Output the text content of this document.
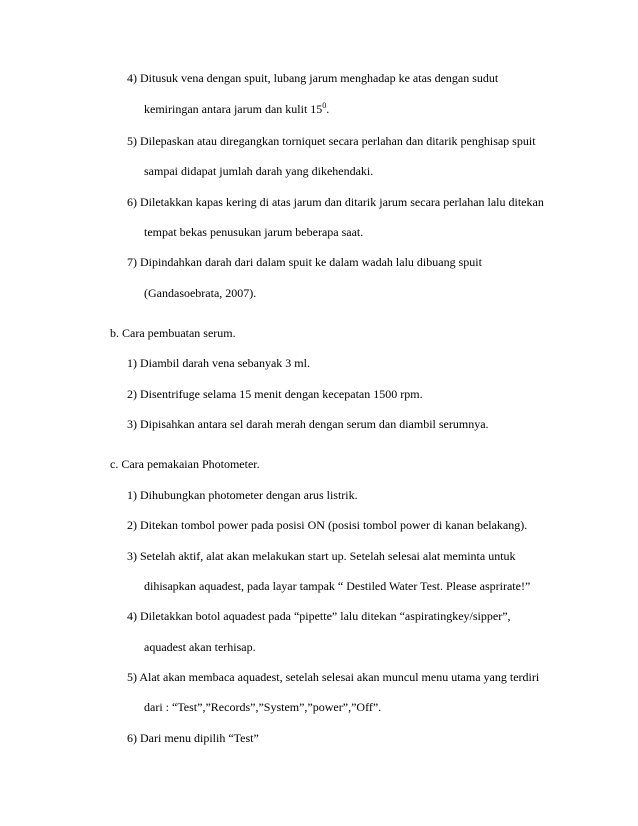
4) Ditusuk vena dengan spuit, lubang jarum menghadap ke atas dengan sudut
kemiringan antara jarum dan kulit $15^0$.
5) Dilepaskan atau diregangkan torniquet secara perlahan dan ditarik penghisap spuit
sampai didapat jumlah darah yang dikehendaki.
6) Diletakkan kapas kering di atas jarum dan ditarik jarum secara perlahan lalu ditekan
tempat bekas penusukan jarum beberapa saat.
7) Dipindahkan darah dari dalam spuit ke dalam wadah lalu dibuang spuit
(Gandasoebrata, 2007).
b. Cara pembuatan serum.
1) Diambil darah vena sebanyak 3 ml.
2) Disentrifuge selama 15 menit dengan kecepatan 1500 rpm.
3) Dipisahkan antara sel darah merah dengan serum dan diambil serumnya.
c. Cara pemakaian Photometer.
1) Dihubungkan photometer dengan arus listrik.
2) Ditekan tombol power pada posisi ON (posisi tombol power di kanan belakang).
3) Setelah aktif, alat akan melakukan start up. Setelah selesai alat meminta untuk
dihisapkan aquadest, pada layar tampak “ Destiled Water Test. Please asprirate!”
4) Diletakkan botol aquadest pada “pipette” lalu ditekan “aspiratingkey/sipper”,
aquadest akan terhisap.
5) Alat akan membaca aquadest, setelah selesai akan muncul menu utama yang terdiri
dari : “Test”,”Records”,”System”,”power”,”Off”.
6) Dari menu dipilih “Test”
